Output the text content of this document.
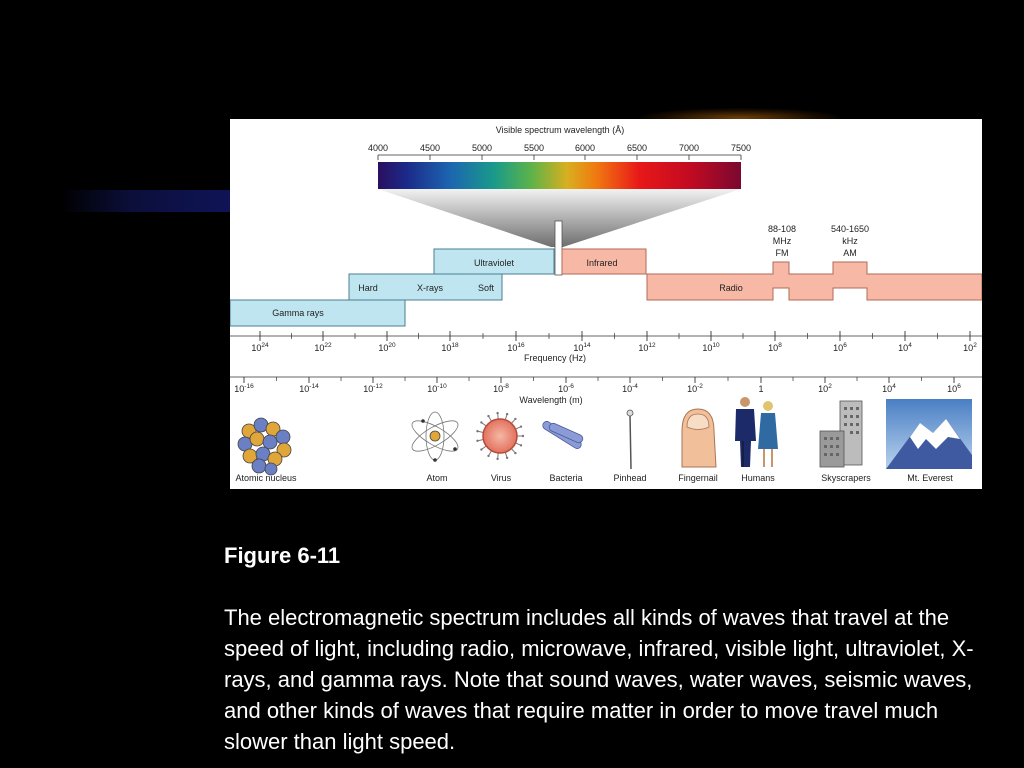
Visible spectrum wavelength (Å)
4000	4500	5000	5500	6000	6500	7000	7500
Ultraviolet	Infrared
Hard	X-rays	Soft	Radio
Gamma rays
88-108
MHz
FM
540-1650
kHz
AM
$10^{24}$	$10^{22}$	$10^{20}$	$10^{18}$	$10^{16}$	$10^{14}$	$10^{12}$	$10^{10}$	$10^8$	$10^6$	$10^4$	$10^2$
Frequency (Hz)
$10^{-16}$	$10^{-14}$	$10^{-12}$	$10^{-10}$	$10^{-8}$	$10^{-6}$	$10^{-4}$	$10^{-2}$	1	$10^2$	$10^4$	$10^6$
Wavelength (m)
Atomic nucleus	Atom	Virus	Bacteria	Pinhead	Fingernail	Humans	Skyscrapers	Mt. Everest
Figure 6-11
The electromagnetic spectrum includes all kinds of waves that travel at the speed of light, including radio, microwave, infrared, visible light, ultraviolet, X-rays, and gamma rays. Note that sound waves, water waves, seismic waves, and other kinds of waves that require matter in order to move travel much slower than light speed.
